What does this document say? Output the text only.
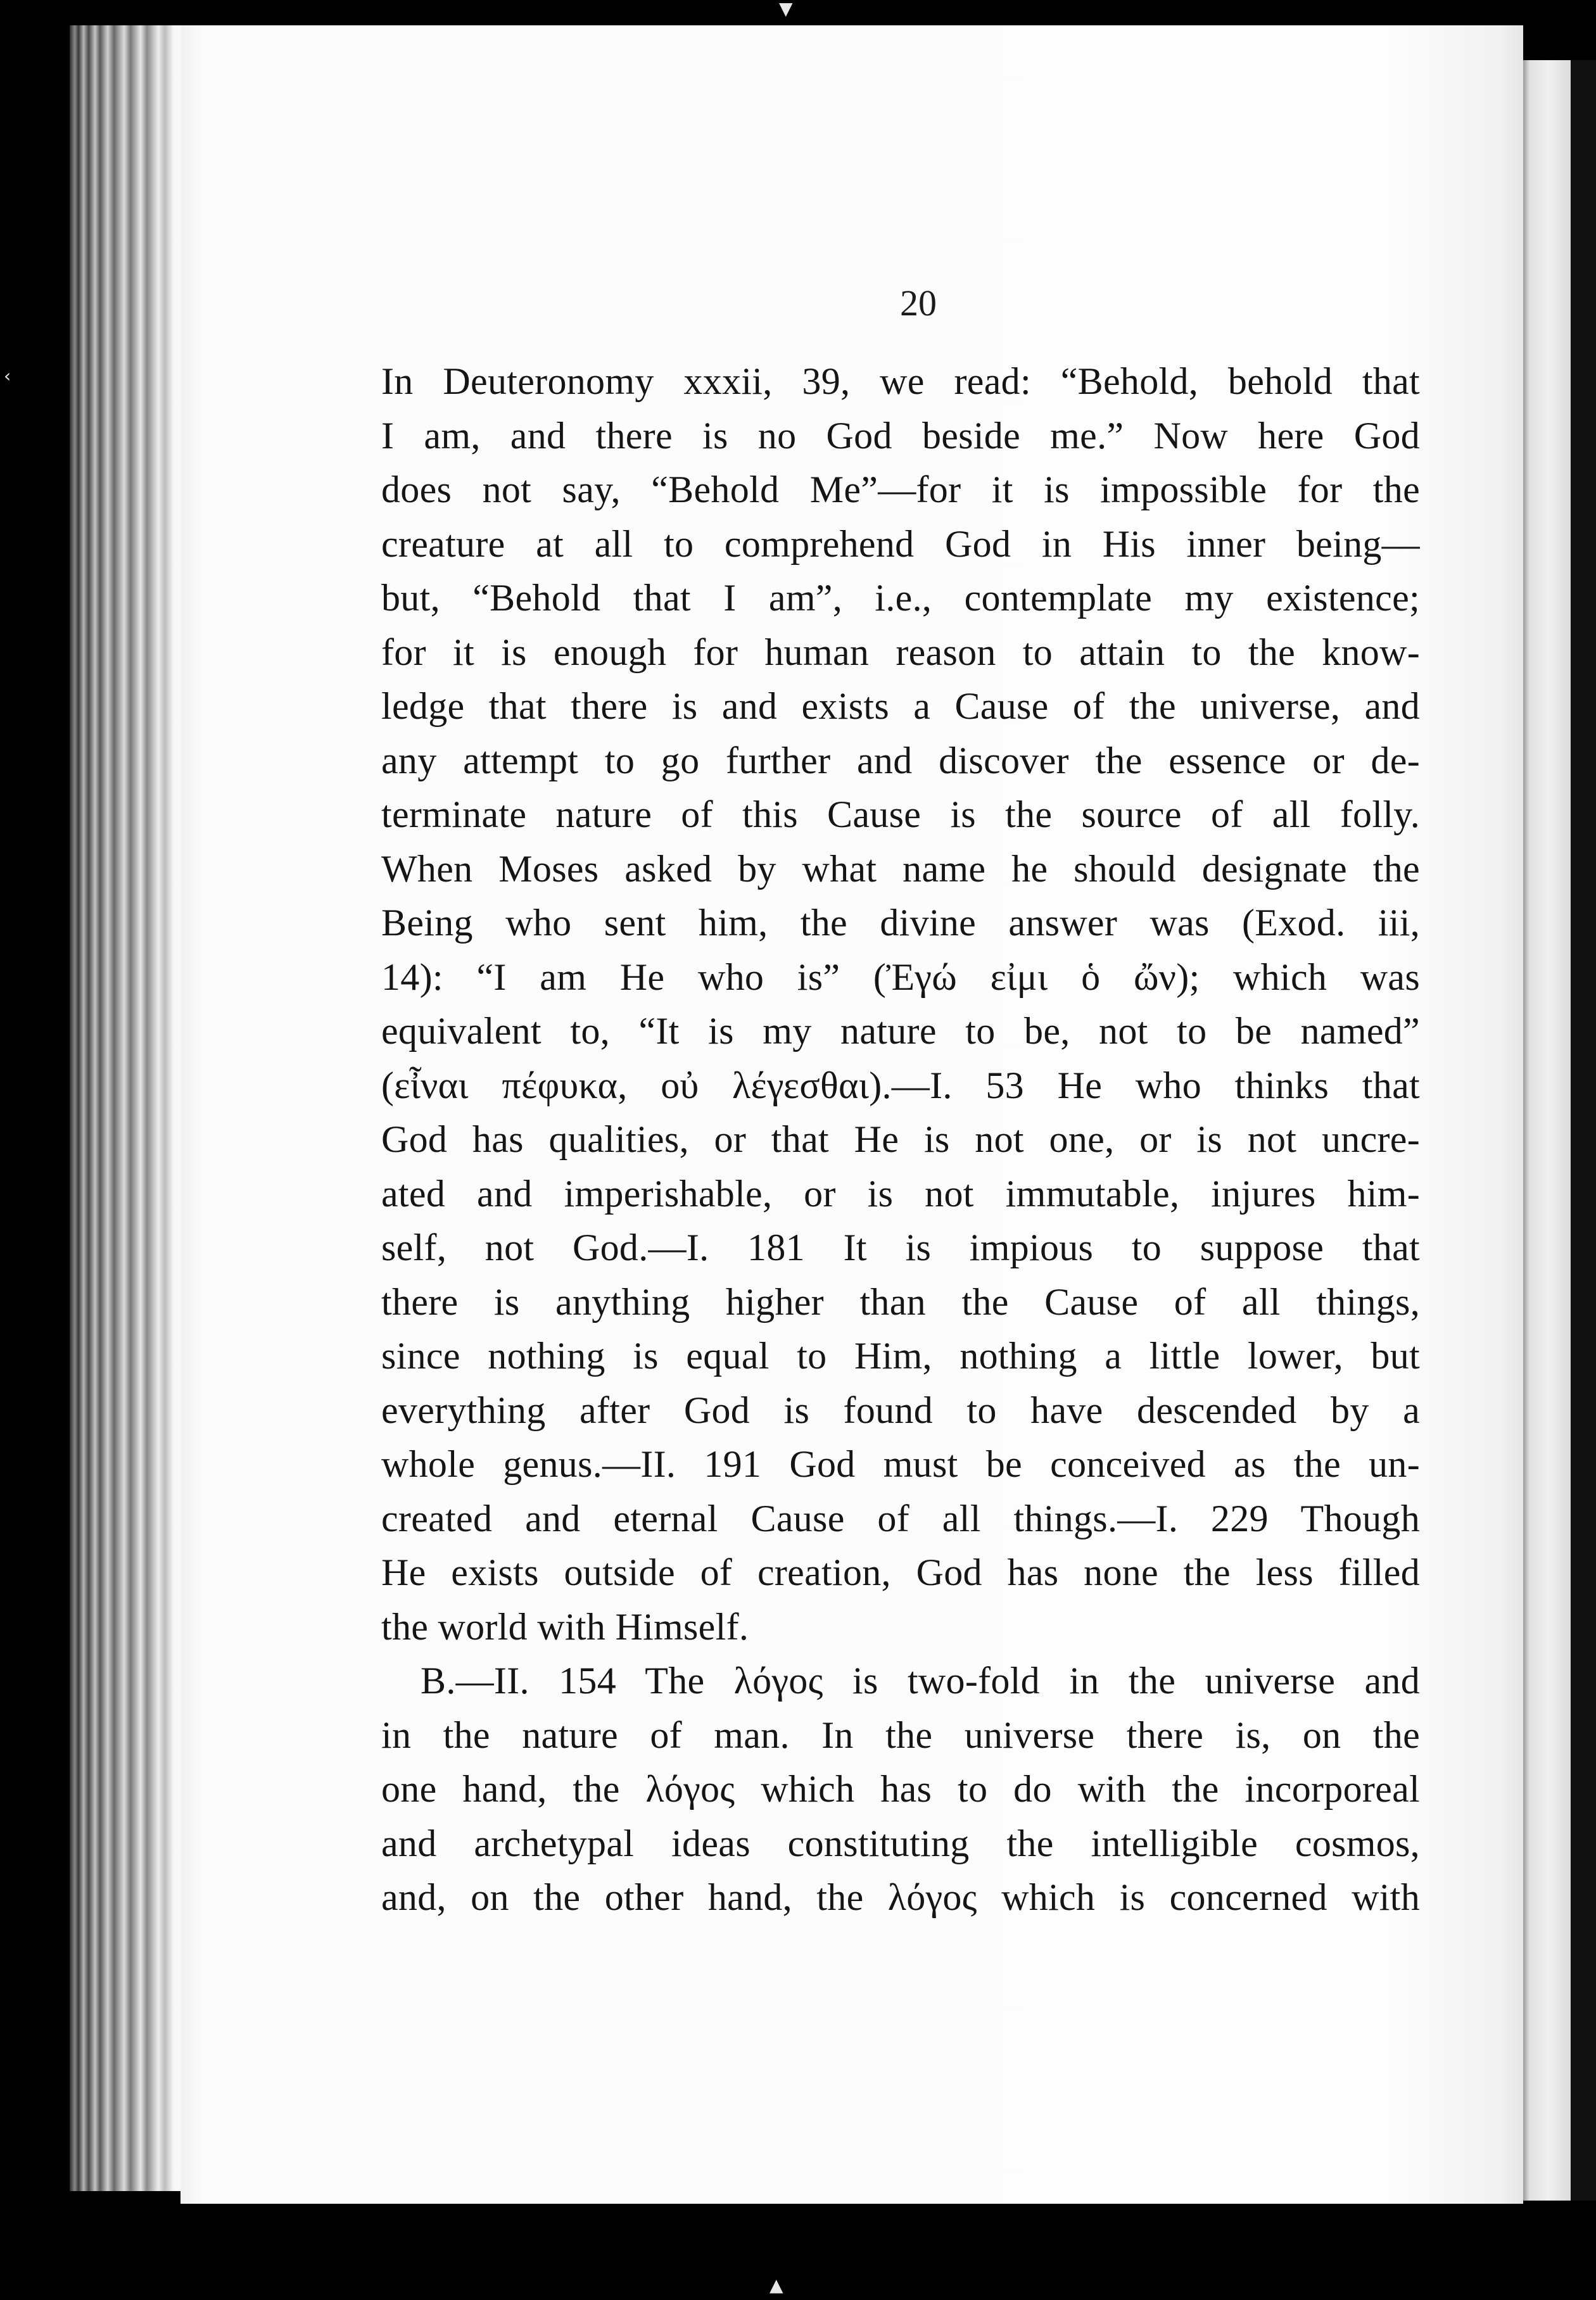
▼
‹
▲
20
In Deuteronomy xxxii, 39, we read: “Behold, behold that
I am, and there is no God beside me.” Now here God
does not say, “Behold Me”—for it is impossible for the
creature at all to comprehend God in His inner being—
but, “Behold that I am”, i.e., contemplate my existence;
for it is enough for human reason to attain to the know-
ledge that there is and exists a Cause of the universe, and
any attempt to go further and discover the essence or de-
terminate nature of this Cause is the source of all folly.
When Moses asked by what name he should designate the
Being who sent him, the divine answer was (Exod. iii,
14): “I am He who is” (Ἐγώ εἰμι ὁ ὤν); which was
equivalent to, “It is my nature to be, not to be named”
(εἶναι πέφυκα, οὐ λέγεσθαι).—I. 53 He who thinks that
God has qualities, or that He is not one, or is not uncre-
ated and imperishable, or is not immutable, injures him-
self, not God.—I. 181 It is impious to suppose that
there is anything higher than the Cause of all things,
since nothing is equal to Him, nothing a little lower, but
everything after God is found to have descended by a
whole genus.—II. 191 God must be conceived as the un-
created and eternal Cause of all things.—I. 229 Though
He exists outside of creation, God has none the less filled
the world with Himself.
B.—II. 154 The λόγος is two-fold in the universe and
in the nature of man. In the universe there is, on the
one hand, the λόγος which has to do with the incorporeal
and archetypal ideas constituting the intelligible cosmos,
and, on the other hand, the λόγος which is concerned with
